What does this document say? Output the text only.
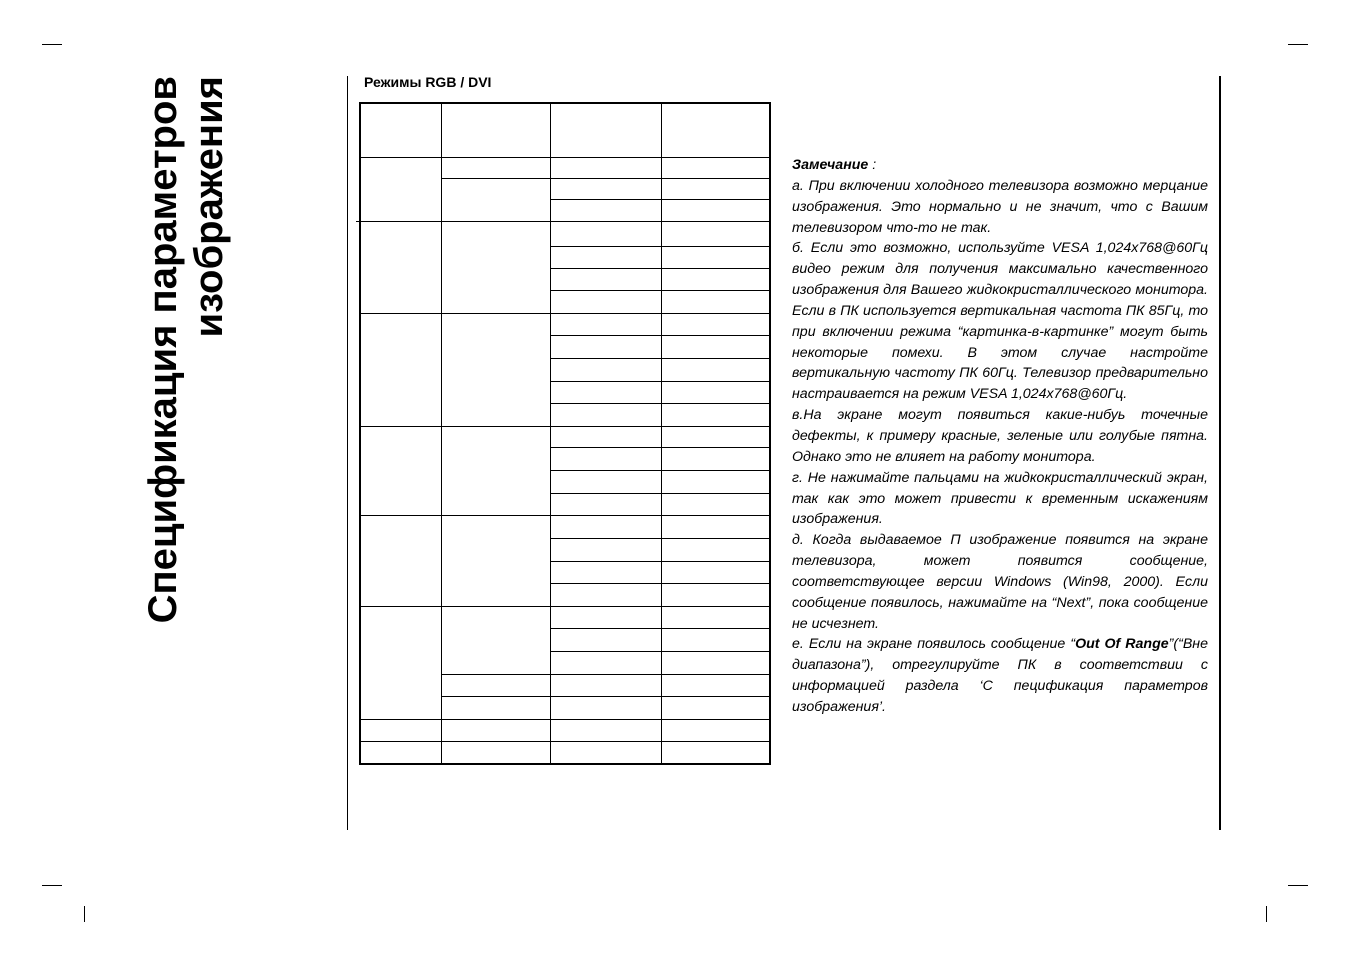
Спецификация параметров изображения	Режимы RGB / DVI

Замечание :

а. При включении холодного телевизора возможно мерцание изображения. Это нормально и не значит, что с Вашим телевизором что-то не так.

б. Если это возможно, используйте VESA 1,024x768@60Гц видео режим для получения максимально качественного изображения для Вашего жидкокристаллического монитора. Если в ПК используется вертикальная частота ПК 85Гц, то при включении режима “картинка-в-картинке” могут быть некоторые помехи. В этом случае настройте вертикальную частоту ПК 60Гц. Телевизор предварительно настраивается на режим VESA 1,024x768@60Гц.

в.На экране могут появиться какие-нибуь точечные дефекты, к примеру красные, зеленые или голубые пятна. Однако это не влияет на работу монитора.

г. Не нажимайте пальцами на жидкокристаллический экран, так как это может привести к временным искажениям изображения.

д. Когда выдаваемое П изображение появится на экране телевизора, может появится сообщение, соответствующее версии Windows (Win98, 2000). Если сообщение появилось, нажимайте на “Next”, пока сообщение не исчезнет.

е. Если на экране появилось сообщение “Out Of Range”(“Вне диапазона”), отрегулируйте ПК в соответствии с информацией раздела ‘С пецификация параметров изображения’.
